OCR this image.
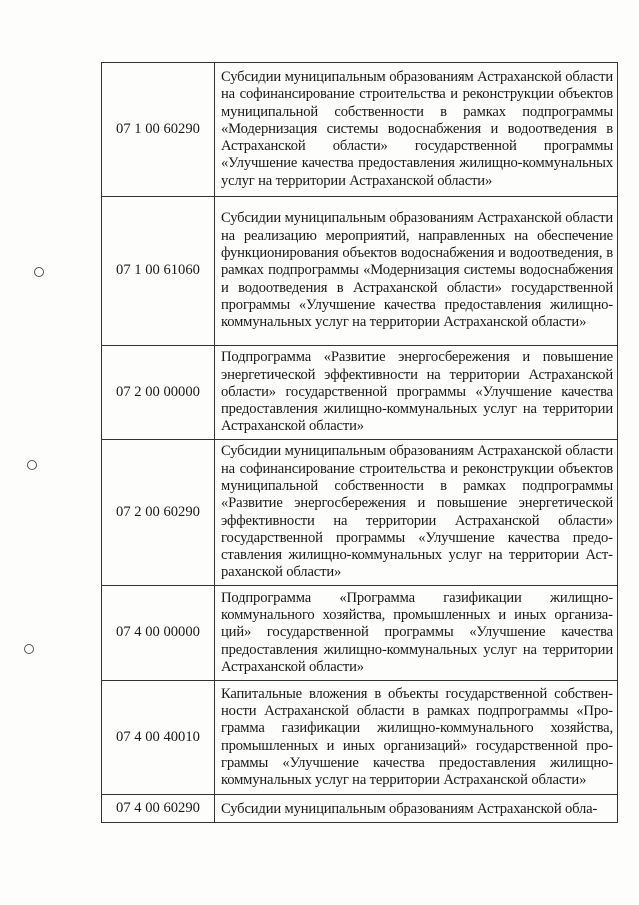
07 1 00 60290	Субсидии муниципальным образованиям Астраханской области на софинансирование строительства и реконструкции объектов муниципальной собственности в рамках подпрограммы «Модернизация системы водоснабжения и водоотведения в Астраханской области» государственной программы «Улучшение качества предоставления жилищно-коммунальных услуг на территории Астраханской области»
07 1 00 61060	Субсидии муниципальным образованиям Астраханской области на реализацию мероприятий, направленных на обеспечение функционирования объектов водоснабжения и водоотведения, в рамках подпрограммы «Модернизация системы водоснабжения и водоотведения в Астраханской области» государственной программы «Улучшение качества предоставления жилищно-коммунальных услуг на территории Астраханской области»
07 2 00 00000	Подпрограмма «Развитие энергосбережения и повышение энергетической эффективности на территории Астраханской области» государственной программы «Улучшение качества предоставления жилищно-коммунальных услуг на территории Астраханской области»
07 2 00 60290	Субсидии муниципальным образованиям Астраханской области на софинансирование строительства и реконструкции объектов муниципальной собственности в рамках подпрограммы «Развитие энергосбережения и повышение энергетической эффективности на территории Астраханской области» государственной программы «Улучшение качества предоставления жилищно-коммунальных услуг на территории Астраханской области»
07 4 00 00000	Подпрограмма «Программа газификации жилищно-коммунального хозяйства, промышленных и иных организаций» государственной программы «Улучшение качества предоставления жилищно-коммунальных услуг на территории Астраханской области»
07 4 00 40010	Капитальные вложения в объекты государственной собственности Астраханской области в рамках подпрограммы «Программа газификации жилищно-коммунального хозяйства, промышленных и иных организаций» государственной программы «Улучшение качества предоставления жилищно-коммунальных услуг на территории Астраханской области»
07 4 00 60290	Субсидии муниципальным образованиям Астраханской обла-
